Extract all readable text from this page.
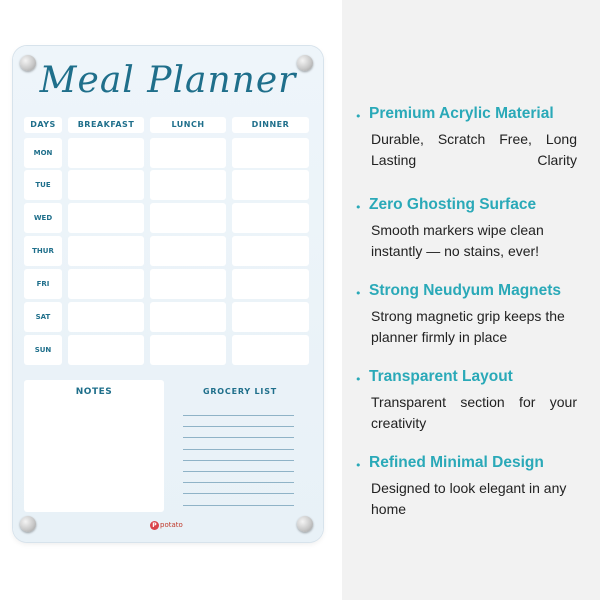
Meal Planner
DAYS	BREAKFAST	LUNCH	DINNER
MON
TUE
WED
THUR
FRI
SAT
SUN
NOTES	GROCERY LIST
P potato
• Premium Acrylic Material
Durable, Scratch Free, Long Lasting Clarity
• Zero Ghosting Surface
Smooth markers wipe clean instantly — no stains, ever!
• Strong Neudyum Magnets
Strong magnetic grip keeps the planner firmly in place
• Transparent Layout
Transparent section for your creativity
• Refined Minimal Design
Designed to look elegant in any home
